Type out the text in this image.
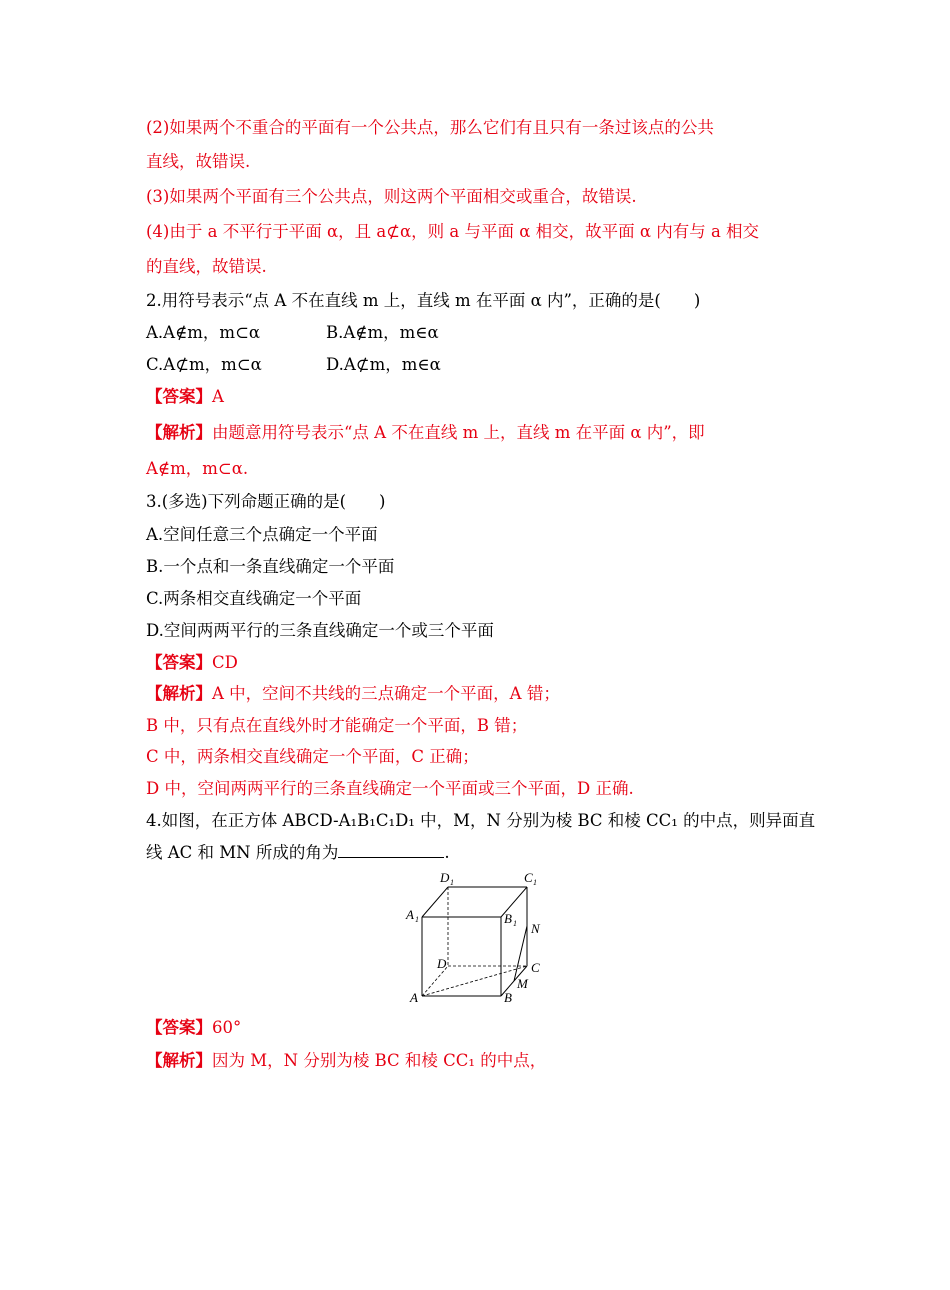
(2)如果两个不重合的平面有一个公共点，那么它们有且只有一条过该点的公共
直线，故错误.
(3)如果两个平面有三个公共点，则这两个平面相交或重合，故错误.
(4)由于 a 不平行于平面 α，且 a⊄α，则 a 与平面 α 相交，故平面 α 内有与 a 相交
的直线，故错误.
2.用符号表示“点 A 不在直线 m 上，直线 m 在平面 α 内”，正确的是(　　)
A.A∉m，m⊂α	B.A∉m，m∈α
C.A⊄m，m⊂α	D.A⊄m，m∈α
【答案】A
【解析】由题意用符号表示“点 A 不在直线 m 上，直线 m 在平面 α 内”，即
A∉m，m⊂α.
3.(多选)下列命题正确的是(　　)
A.空间任意三个点确定一个平面
B.一个点和一条直线确定一个平面
C.两条相交直线确定一个平面
D.空间两两平行的三条直线确定一个或三个平面
【答案】CD
【解析】A 中，空间不共线的三点确定一个平面，A 错；
B 中，只有点在直线外时才能确定一个平面，B 错；
C 中，两条相交直线确定一个平面，C 正确；
D 中，空间两两平行的三条直线确定一个平面或三个平面，D 正确.
4.如图，在正方体 ABCD-A₁B₁C₁D₁ 中，M，N 分别为棱 BC 和棱 CC₁ 的中点，则异面直
线 AC 和 MN 所成的角为	.
D 1	C 1
A 1	B 1 N
D	C
M
A	B
【答案】60°
【解析】因为 M，N 分别为棱 BC 和棱 CC₁ 的中点，
